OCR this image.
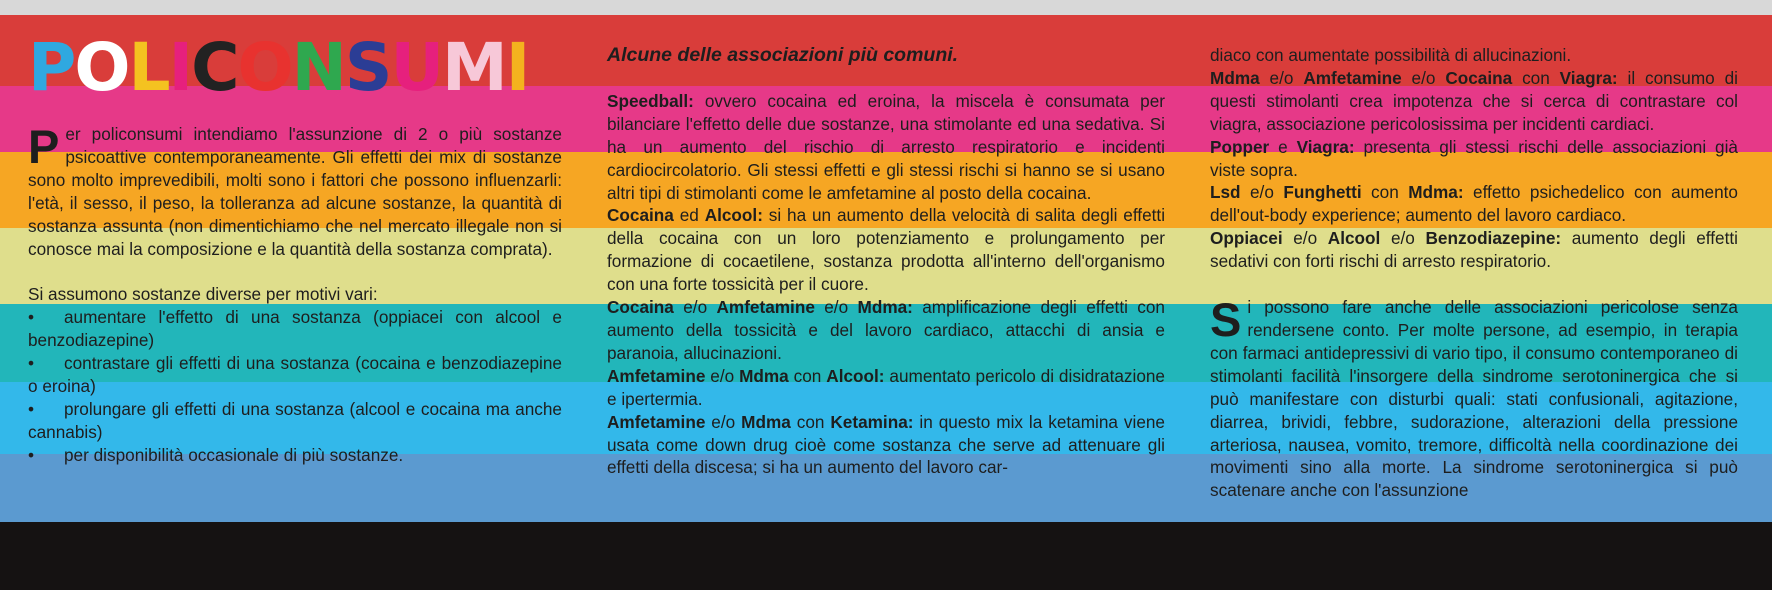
POLICONSUMI

Per policonsumi intendiamo l'assunzione di 2 o più sostanze psicoattive contemporaneamente. Gli effetti dei mix di sostanze sono molto imprevedibili, molti sono i fattori che possono influenzarli: l'età, il sesso, il peso, la tolleranza ad alcune sostanze, la quantità di sostanza assunta (non dimentichiamo che nel mercato illegale non si conosce mai la composizione e la quantità della sostanza comprata).

Si assumono sostanze diverse per motivi vari:

• aumentare l'effetto di una sostanza (oppiacei con alcool e benzodiazepine)

• contrastare gli effetti di una sostanza (cocaina e benzodiazepine o eroina)

• prolungare gli effetti di una sostanza (alcool e cocaina ma anche cannabis)

• per disponibilità occasionale di più sostanze.

Alcune delle associazioni più comuni.

Speedball: ovvero cocaina ed eroina, la miscela è consumata per bilanciare l'effetto delle due sostanze, una stimolante ed una sedativa. Si ha un aumento del rischio di arresto respiratorio e incidenti cardiocircolatorio. Gli stessi effetti e gli stessi rischi si hanno se si usano altri tipi di stimolanti come le amfetamine al posto della cocaina.

Cocaina ed Alcool: si ha un aumento della velocità di salita degli effetti della cocaina con un loro potenziamento e prolungamento per formazione di cocaetilene, sostanza prodotta all'interno dell'organismo con una forte tossicità per il cuore.

Cocaina e/o Amfetamine e/o Mdma: amplificazione degli effetti con aumento della tossicità e del lavoro cardiaco, attacchi di ansia e paranoia, allucinazioni.

Amfetamine e/o Mdma con Alcool: aumentato pericolo di disidratazione e ipertermia.

Amfetamine e/o Mdma con Ketamina: in questo mix la ketamina viene usata come down drug cioè come sostanza che serve ad attenuare gli effetti della discesa; si ha un aumento del lavoro car-

diaco con aumentate possibilità di allucinazioni.

Mdma e/o Amfetamine e/o Cocaina con Viagra: il consumo di questi stimolanti crea impotenza che si cerca di contrastare col viagra, associazione pericolosissima per incidenti cardiaci.

Popper e Viagra: presenta gli stessi rischi delle associazioni già viste sopra.

Lsd e/o Funghetti con Mdma: effetto psichedelico con aumento dell'out-body experience; aumento del lavoro cardiaco.

Oppiacei e/o Alcool e/o Benzodiazepine: aumento degli effetti sedativi con forti rischi di arresto respiratorio.

Si possono fare anche delle associazioni pericolose senza rendersene conto. Per molte persone, ad esempio, in terapia con farmaci antidepressivi di vario tipo, il consumo contemporaneo di stimolanti facilità l'insorgere della sindrome serotoninergica che si può manifestare con disturbi quali: stati confusionali, agitazione, diarrea, brividi, febbre, sudorazione, alterazioni della pressione arteriosa, nausea, vomito, tremore, difficoltà nella coordinazione dei movimenti sino alla morte. La sindrome serotoninergica si può scatenare anche con l'assunzione
